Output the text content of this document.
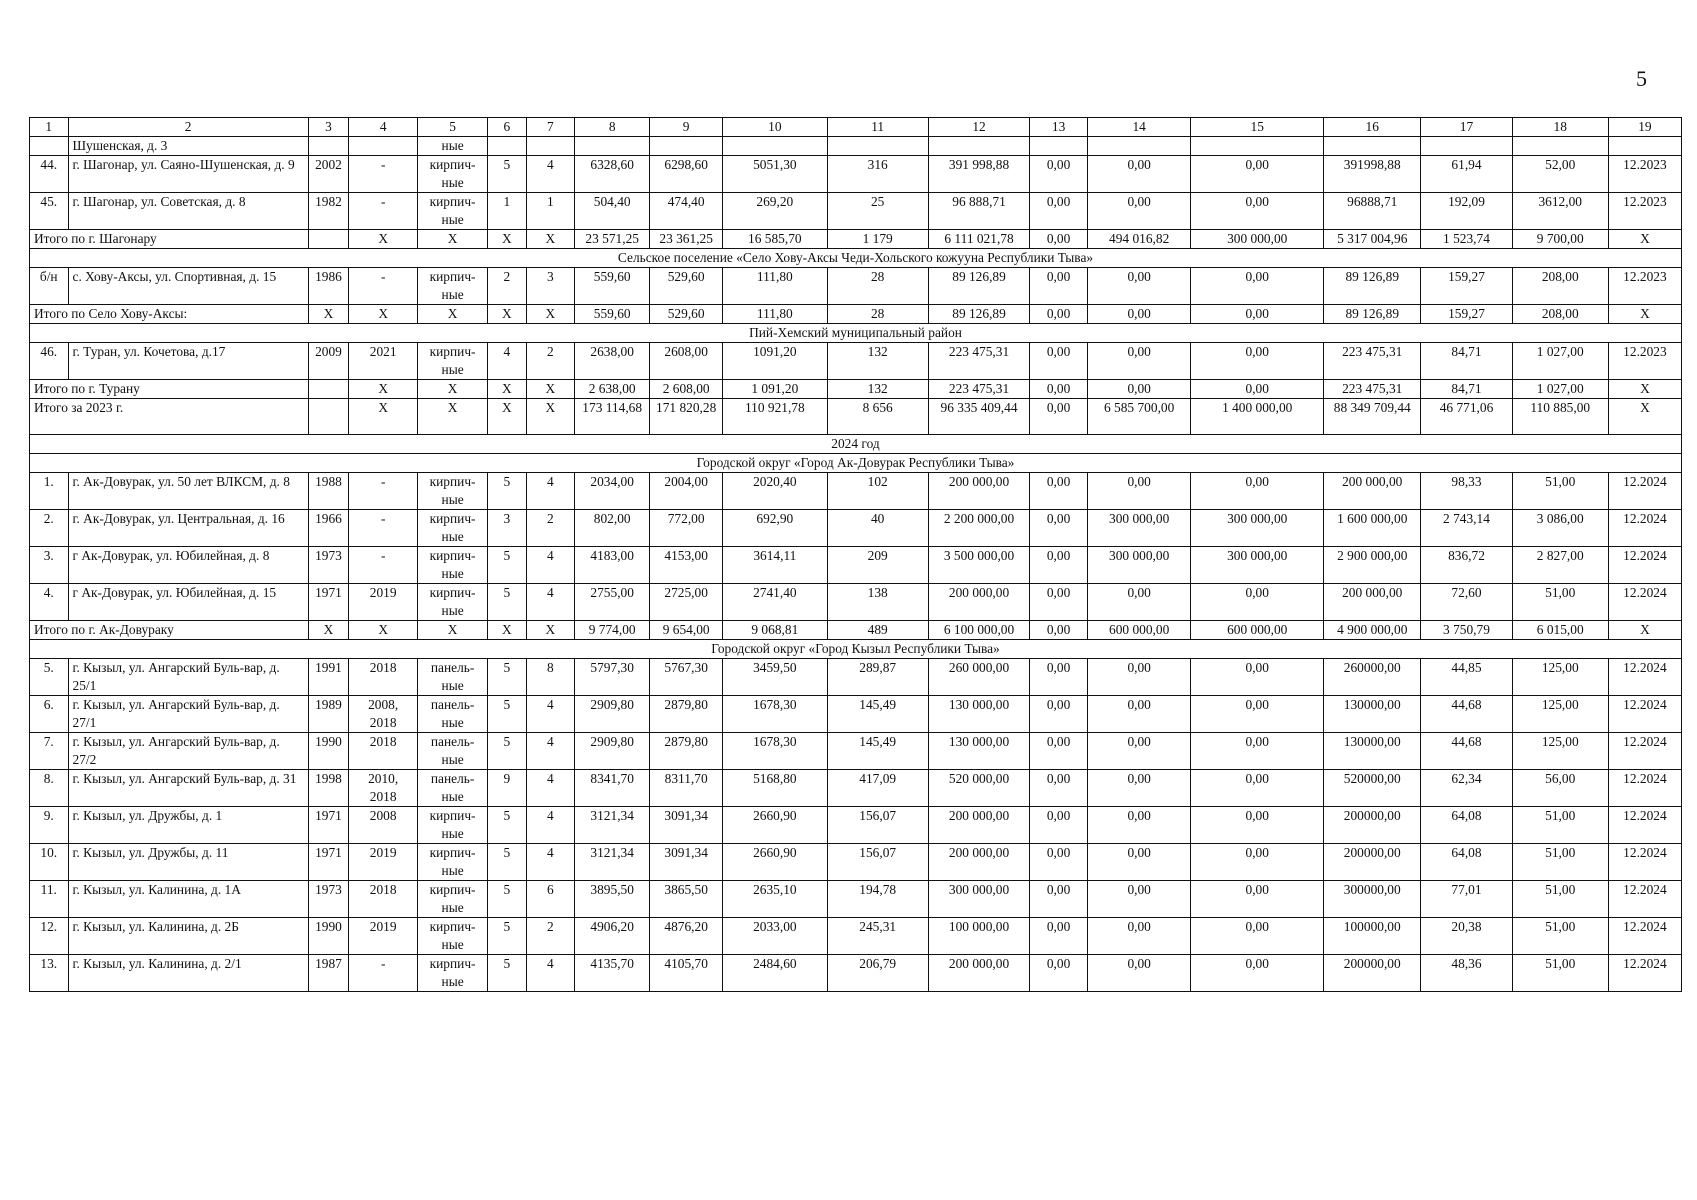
5
1	2	3	4	5	6	7	8	9	10	11	12	13	14	15	16	17	18	19
	Шушенская, д. 3			ные														
44.	г. Шагонар, ул. Саяно-Шушенская, д. 9	2002	-	кирпич-ные	5	4	6328,60	6298,60	5051,30	316	391 998,88	0,00	0,00	0,00	391998,88	61,94	52,00	12.2023
45.	г. Шагонар, ул. Советская, д. 8	1982	-	кирпич-ные	1	1	504,40	474,40	269,20	25	96 888,71	0,00	0,00	0,00	96888,71	192,09	3612,00	12.2023
Итого по г. Шагонару			X	X	X	X	23 571,25	23 361,25	16 585,70	1 179	6 111 021,78	0,00	494 016,82	300 000,00	5 317 004,96	1 523,74	9 700,00	X
Сельское поселение «Село Хову-Аксы Чеди-Хольского кожууна Республики Тыва»																		
б/н	с. Хову-Аксы, ул. Спортивная, д. 15	1986	-	кирпич-ные	2	3	559,60	529,60	111,80	28	89 126,89	0,00	0,00	0,00	89 126,89	159,27	208,00	12.2023
Итого по Село Хову-Аксы:		X	X	X	X	X	559,60	529,60	111,80	28	89 126,89	0,00	0,00	0,00	89 126,89	159,27	208,00	X
Пий-Хемский муниципальный район																		
46.	г. Туран, ул. Кочетова, д.17	2009	2021	кирпич-ные	4	2	2638,00	2608,00	1091,20	132	223 475,31	0,00	0,00	0,00	223 475,31	84,71	1 027,00	12.2023
Итого по г. Турану			X	X	X	X	2 638,00	2 608,00	1 091,20	132	223 475,31	0,00	0,00	0,00	223 475,31	84,71	1 027,00	X
Итого за 2023 г.			X	X	X	X	173 114,68	171 820,28	110 921,78	8 656	96 335 409,44	0,00	6 585 700,00	1 400 000,00	88 349 709,44	46 771,06	110 885,00	X
2024 год																		
Городской округ «Город Ак-Довурак Республики Тыва»																		
1.	г. Ак-Довурак, ул. 50 лет ВЛКСМ, д. 8	1988	-	кирпич-ные	5	4	2034,00	2004,00	2020,40	102	200 000,00	0,00	0,00	0,00	200 000,00	98,33	51,00	12.2024
2.	г. Ак-Довурак, ул. Центральная, д. 16	1966	-	кирпич-ные	3	2	802,00	772,00	692,90	40	2 200 000,00	0,00	300 000,00	300 000,00	1 600 000,00	2 743,14	3 086,00	12.2024
3.	г Ак-Довурак, ул. Юбилейная, д. 8	1973	-	кирпич-ные	5	4	4183,00	4153,00	3614,11	209	3 500 000,00	0,00	300 000,00	300 000,00	2 900 000,00	836,72	2 827,00	12.2024
4.	г Ак-Довурак, ул. Юбилейная, д. 15	1971	2019	кирпич-ные	5	4	2755,00	2725,00	2741,40	138	200 000,00	0,00	0,00	0,00	200 000,00	72,60	51,00	12.2024
Итого по г. Ак-Довураку		X	X	X	X	X	9 774,00	9 654,00	9 068,81	489	6 100 000,00	0,00	600 000,00	600 000,00	4 900 000,00	3 750,79	6 015,00	X
Городской округ «Город Кызыл Республики Тыва»																		
5.	г. Кызыл, ул. Ангарский Буль-вар, д. 25/1	1991	2018	панель-ные	5	8	5797,30	5767,30	3459,50	289,87	260 000,00	0,00	0,00	0,00	260000,00	44,85	125,00	12.2024
6.	г. Кызыл, ул. Ангарский Буль-вар, д. 27/1	1989	2008, 2018	панель-ные	5	4	2909,80	2879,80	1678,30	145,49	130 000,00	0,00	0,00	0,00	130000,00	44,68	125,00	12.2024
7.	г. Кызыл, ул. Ангарский Буль-вар, д. 27/2	1990	2018	панель-ные	5	4	2909,80	2879,80	1678,30	145,49	130 000,00	0,00	0,00	0,00	130000,00	44,68	125,00	12.2024
8.	г. Кызыл, ул. Ангарский Буль-вар, д. 31	1998	2010, 2018	панель-ные	9	4	8341,70	8311,70	5168,80	417,09	520 000,00	0,00	0,00	0,00	520000,00	62,34	56,00	12.2024
9.	г. Кызыл, ул. Дружбы, д. 1	1971	2008	кирпич-ные	5	4	3121,34	3091,34	2660,90	156,07	200 000,00	0,00	0,00	0,00	200000,00	64,08	51,00	12.2024
10.	г. Кызыл, ул. Дружбы, д. 11	1971	2019	кирпич-ные	5	4	3121,34	3091,34	2660,90	156,07	200 000,00	0,00	0,00	0,00	200000,00	64,08	51,00	12.2024
11.	г. Кызыл, ул. Калинина, д. 1А	1973	2018	кирпич-ные	5	6	3895,50	3865,50	2635,10	194,78	300 000,00	0,00	0,00	0,00	300000,00	77,01	51,00	12.2024
12.	г. Кызыл, ул. Калинина, д. 2Б	1990	2019	кирпич-ные	5	2	4906,20	4876,20	2033,00	245,31	100 000,00	0,00	0,00	0,00	100000,00	20,38	51,00	12.2024
13.	г. Кызыл, ул. Калинина, д. 2/1	1987	-	кирпич-ные	5	4	4135,70	4105,70	2484,60	206,79	200 000,00	0,00	0,00	0,00	200000,00	48,36	51,00	12.2024
